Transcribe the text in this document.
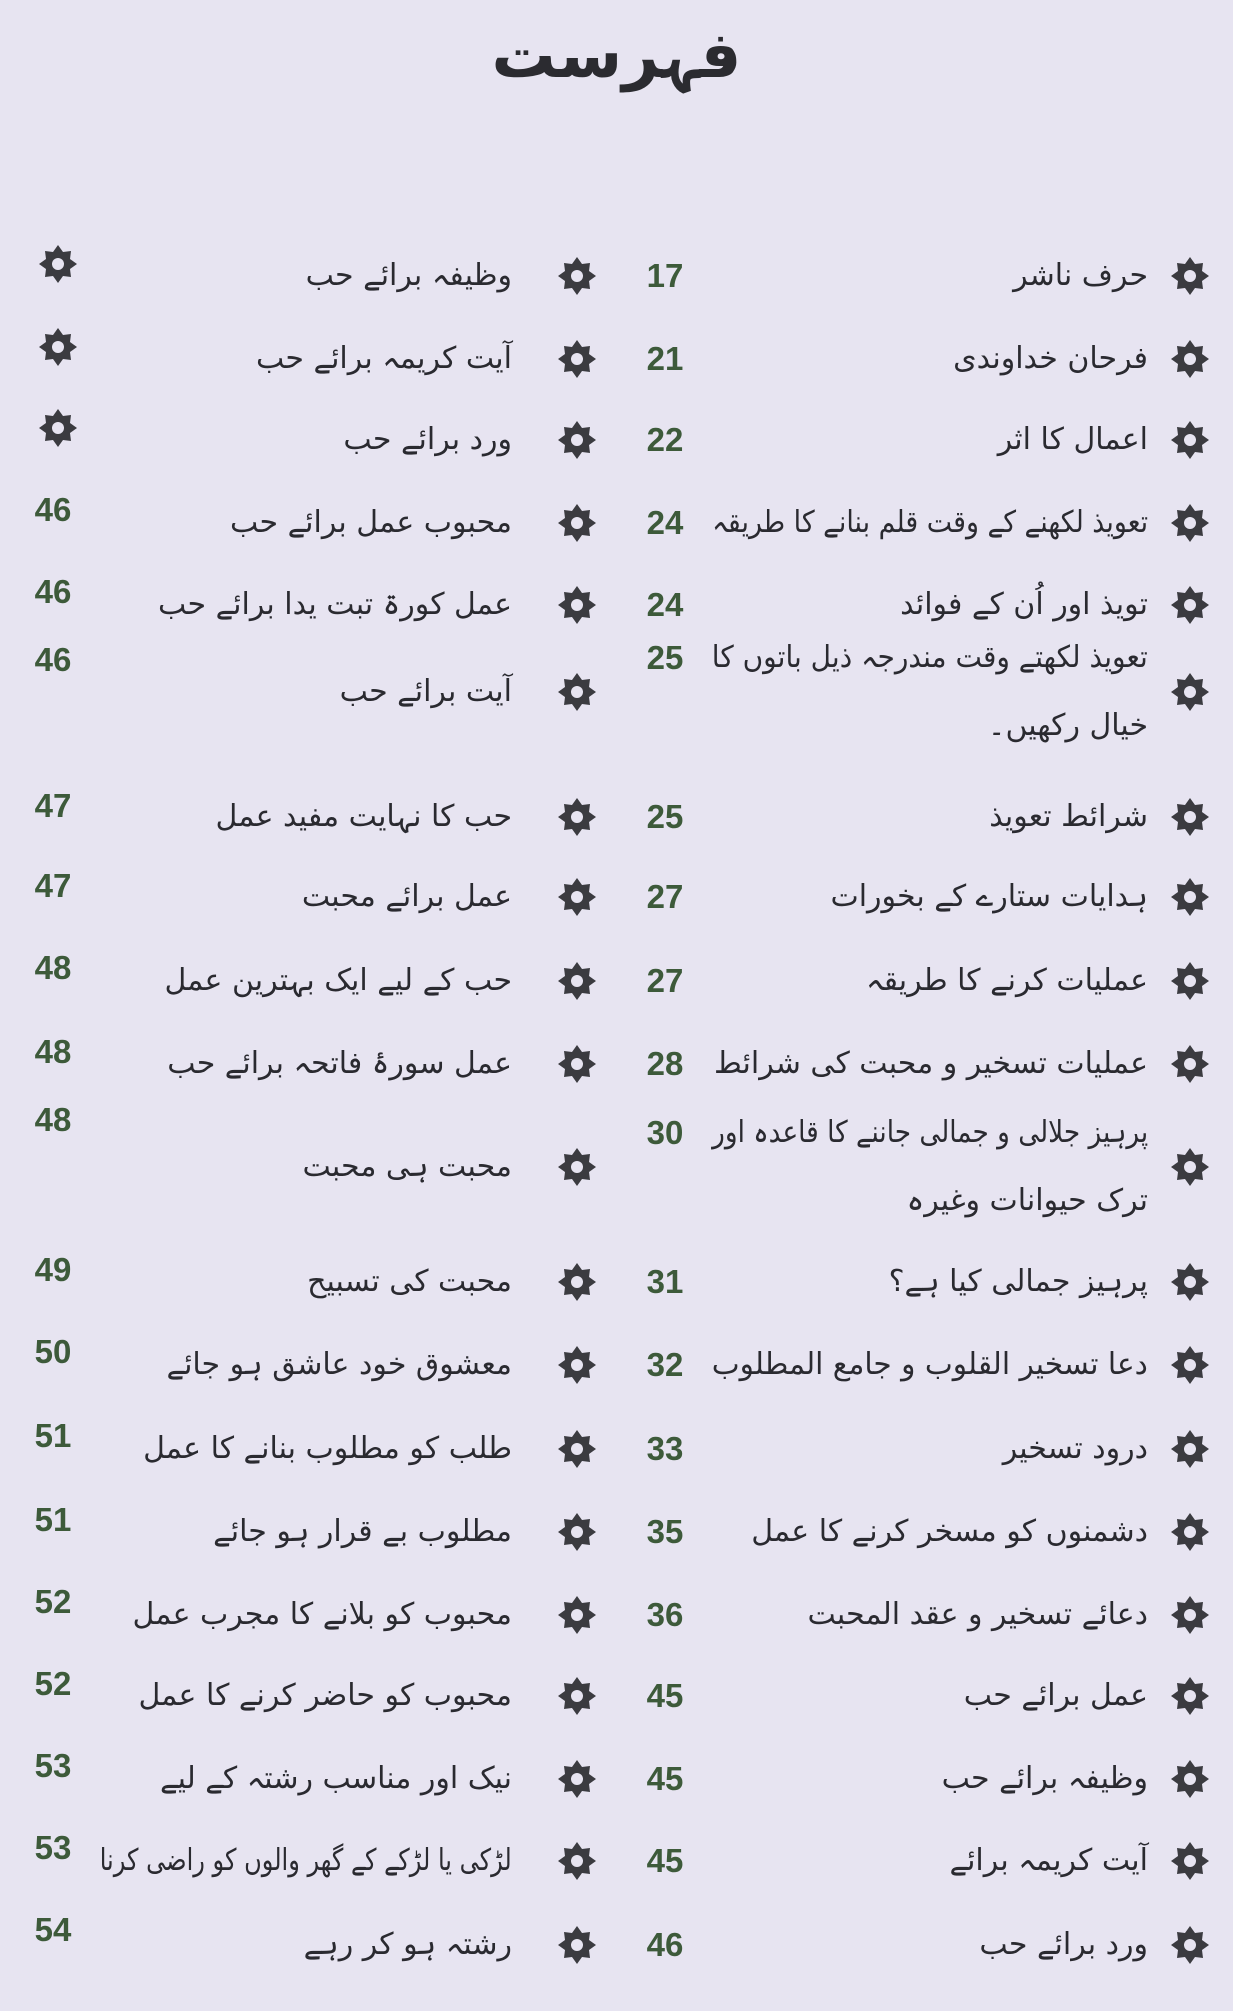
فہرست
حرف ناشر
17
فرحان خداوندی
21
اعمال کا اثر
22
تعویذ لکھنے کے وقت قلم بنانے کا طریقہ
24
تویذ اور اُن کے فوائد
24
تعویذ لکھتے وقت مندرجہ ذیل باتوں کا
خیال رکھیں۔
25
شرائط تعویذ
25
ہدایات ستارے کے بخورات
27
عملیات کرنے کا طریقہ
27
عملیات تسخیر و محبت کی شرائط
28
پرہیز جلالی و جمالی جاننے کا قاعدہ اور
ترک حیوانات وغیرہ
30
پرہیز جمالی کیا ہے؟
31
دعا تسخیر القلوب و جامع المطلوب
32
درود تسخیر
33
دشمنوں کو مسخر کرنے کا عمل
35
دعائے تسخیر و عقد المحبت
36
عمل برائے حب
45
وظیفہ برائے حب
45
آیت کریمہ برائے
45
ورد برائے حب
46
وظیفہ برائے حب
آیت کریمہ برائے حب
ورد برائے حب
محبوب عمل برائے حب
46
عمل کورۃ تبت یدا برائے حب
46
آیت برائے حب
46
حب کا نہایت مفید عمل
47
عمل برائے محبت
47
حب کے لیے ایک بہترین عمل
48
عمل سورۂ فاتحہ برائے حب
48
محبت ہی محبت
48
محبت کی تسبیح
49
معشوق خود عاشق ہو جائے
50
طلب کو مطلوب بنانے کا عمل
51
مطلوب بے قرار ہو جائے
51
محبوب کو بلانے کا مجرب عمل
52
محبوب کو حاضر کرنے کا عمل
52
نیک اور مناسب رشتہ کے لیے
53
لڑکی یا لڑکے کے گھر والوں کو راضی کرنا
53
رشتہ ہو کر رہے
54
